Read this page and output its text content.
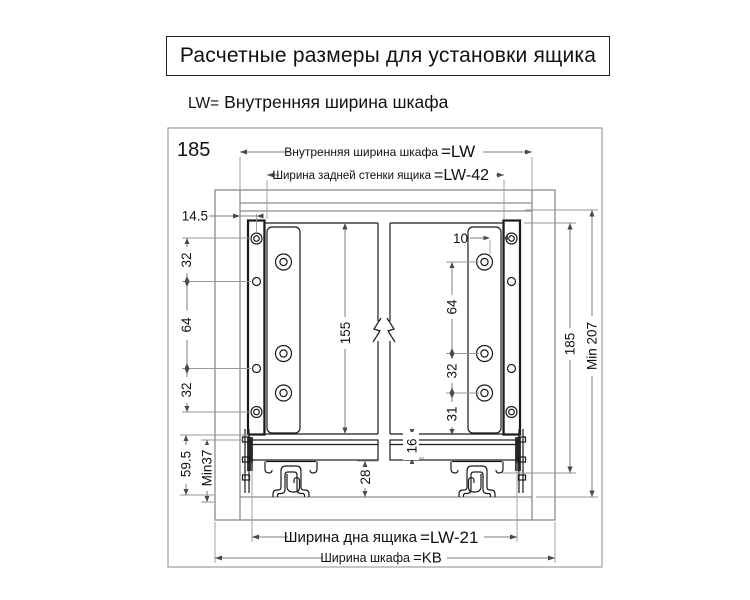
Расчетные размеры для установки ящика
LW= Внутренняя ширина шкафа
185	Внутренняя ширина шкафа =LW
Ширина задней стенки ящика =LW-42
14.5
32
64
32
59.5 Min37
155
28
10
64
32
31
16
185 Min 207
Ширина дна ящика =LW-21
Ширина шкафа =KB
